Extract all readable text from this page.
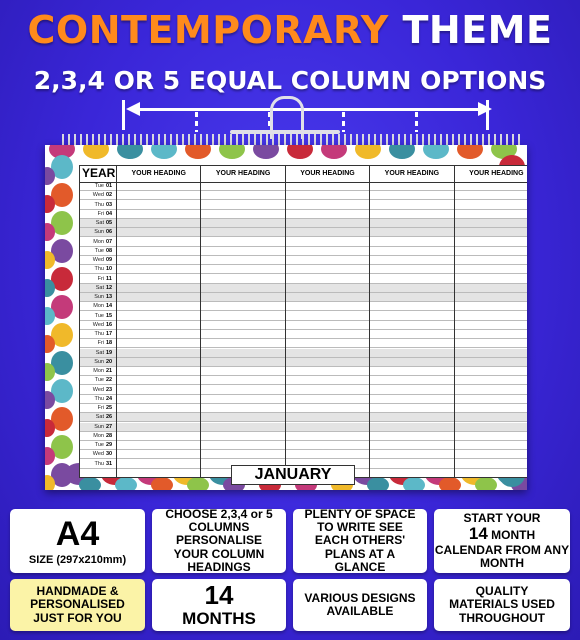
CONTEMPORARY THEME
2,3,4 OR 5 EQUAL COLUMN OPTIONS
YEAR	YOUR HEADING	YOUR HEADING	YOUR HEADING	YOUR HEADING	YOUR HEADING
Tue 01
Wed 02
Thu 03
Fri 04
Sat 05
Sun 06
Mon 07
Tue 08
Wed 09
Thu 10
Fri 11
Sat 12
Sun 13
Mon 14
Tue 15
Wed 16
Thu 17
Fri 18
Sat 19
Sun 20
Mon 21
Tue 22
Wed 23
Thu 24
Fri 25
Sat 26
Sun 27
Mon 28
Tue 29
Wed 30
Thu 31
JANUARY
A4
SIZE (297x210mm)
CHOOSE 2,3,4 or 5 COLUMNS PERSONALISE YOUR COLUMN HEADINGS
PLENTY OF SPACE TO WRITE SEE EACH OTHERS' PLANS AT A GLANCE
START YOUR
14 MONTH CALENDAR FROM ANY MONTH
HANDMADE & PERSONALISED JUST FOR YOU
14
MONTHS
VARIOUS DESIGNS AVAILABLE
QUALITY MATERIALS USED THROUGHOUT
